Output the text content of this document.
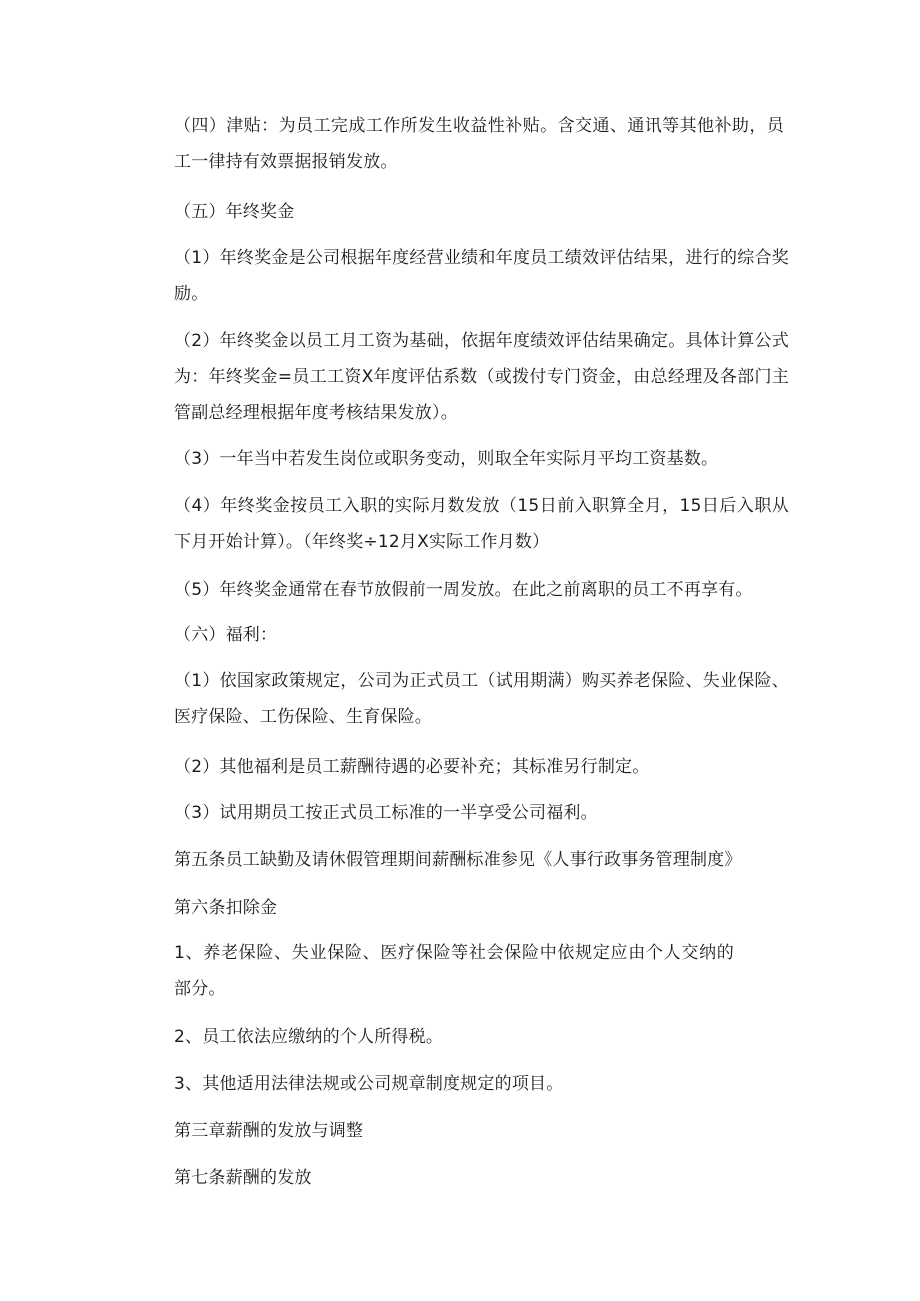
（四）津贴：为员工完成工作所发生收益性补贴。含交通、通讯等其他补助，员工一律持有效票据报销发放。
（五）年终奖金
（1）年终奖金是公司根据年度经营业绩和年度员工绩效评估结果，进行的综合奖励。
（2）年终奖金以员工月工资为基础，依据年度绩效评估结果确定。具体计算公式为：年终奖金=员工工资X年度评估系数（或拨付专门资金，由总经理及各部门主管副总经理根据年度考核结果发放）。
（3）一年当中若发生岗位或职务变动，则取全年实际月平均工资基数。
（4）年终奖金按员工入职的实际月数发放（15日前入职算全月，15日后入职从下月开始计算）。（年终奖÷12月X实际工作月数）
（5）年终奖金通常在春节放假前一周发放。在此之前离职的员工不再享有。
（六）福利：
（1）依国家政策规定，公司为正式员工（试用期满）购买养老保险、失业保险、医疗保险、工伤保险、生育保险。
（2）其他福利是员工薪酬待遇的必要补充；其标准另行制定。
（3）试用期员工按正式员工标准的一半享受公司福利。
第五条员工缺勤及请休假管理期间薪酬标准参见《人事行政事务管理制度》
第六条扣除金
1、养老保险、失业保险、医疗保险等社会保险中依规定应由个人交纳的部分。
2、员工依法应缴纳的个人所得税。
3、其他适用法律法规或公司规章制度规定的项目。
第三章薪酬的发放与调整
第七条薪酬的发放
